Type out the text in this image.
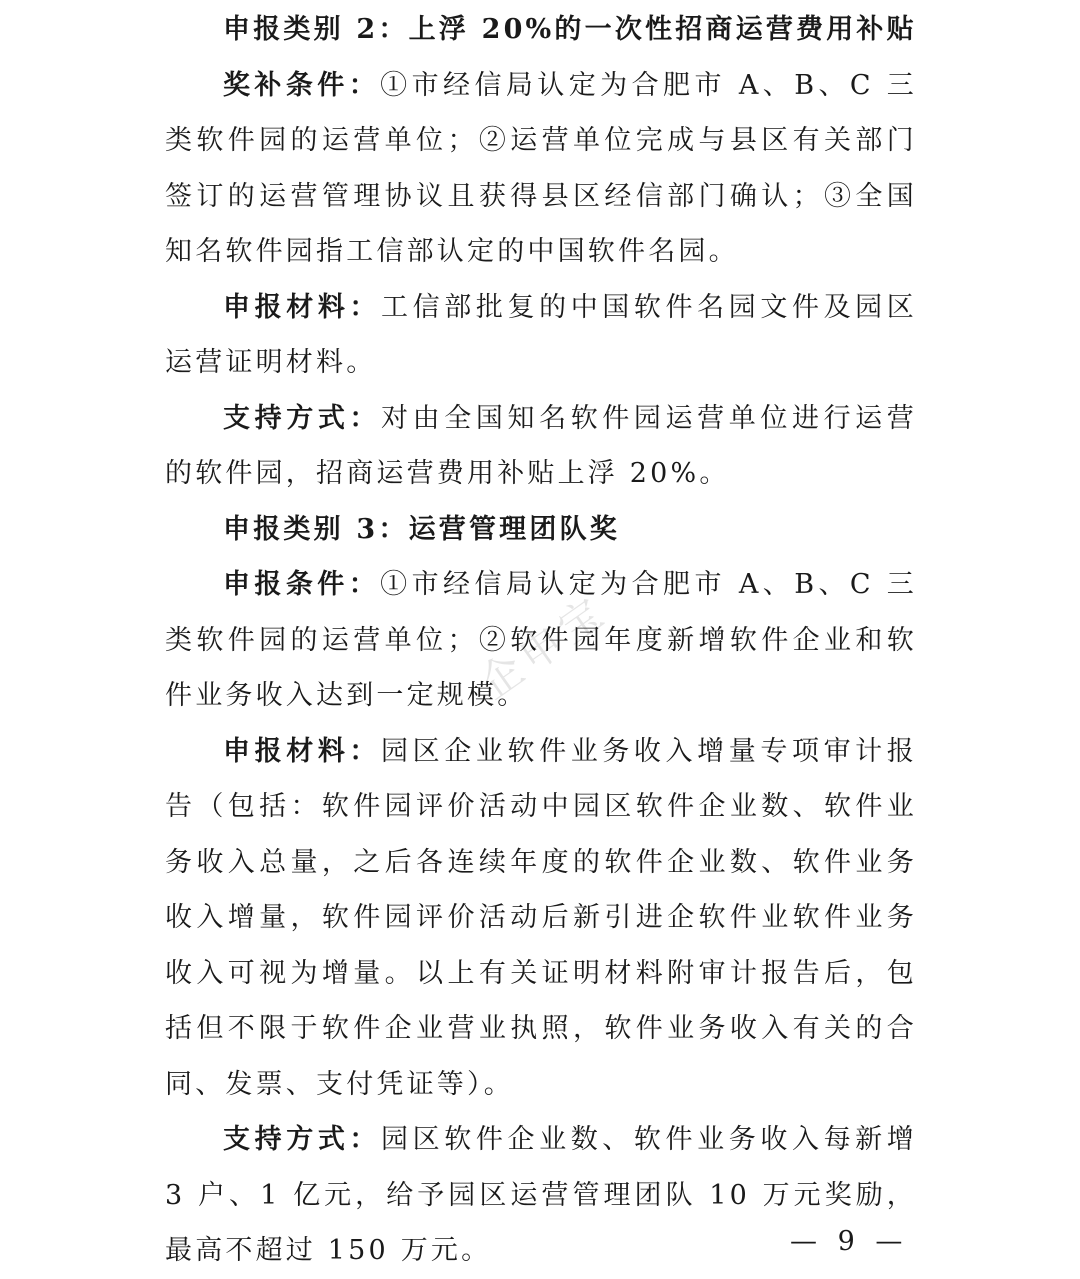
申报类别 2：上浮 20%的一次性招商运营费用补贴

奖补条件：①市经信局认定为合肥市 A、B、C 三类软件园的运营单位；②运营单位完成与县区有关部门签订的运营管理协议且获得县区经信部门确认；③全国知名软件园指工信部认定的中国软件名园。

申报材料：工信部批复的中国软件名园文件及园区运营证明材料。

支持方式：对由全国知名软件园运营单位进行运营的软件园，招商运营费用补贴上浮 20%。

申报类别 3：运营管理团队奖

申报条件：①市经信局认定为合肥市 A、B、C 三类软件园的运营单位；②软件园年度新增软件企业和软件业务收入达到一定规模。

申报材料：园区企业软件业务收入增量专项审计报告（包括：软件园评价活动中园区软件企业数、软件业务收入总量，之后各连续年度的软件企业数、软件业务收入增量，软件园评价活动后新引进企软件业软件业务收入可视为增量。以上有关证明材料附审计报告后，包括但不限于软件企业营业执照，软件业务收入有关的合同、发票、支付凭证等）。

支持方式：园区软件企业数、软件业务收入每新增 3 户、1 亿元，给予园区运营管理团队 10 万元奖励，最高不超过 150 万元。

企申宝
— 9 —
